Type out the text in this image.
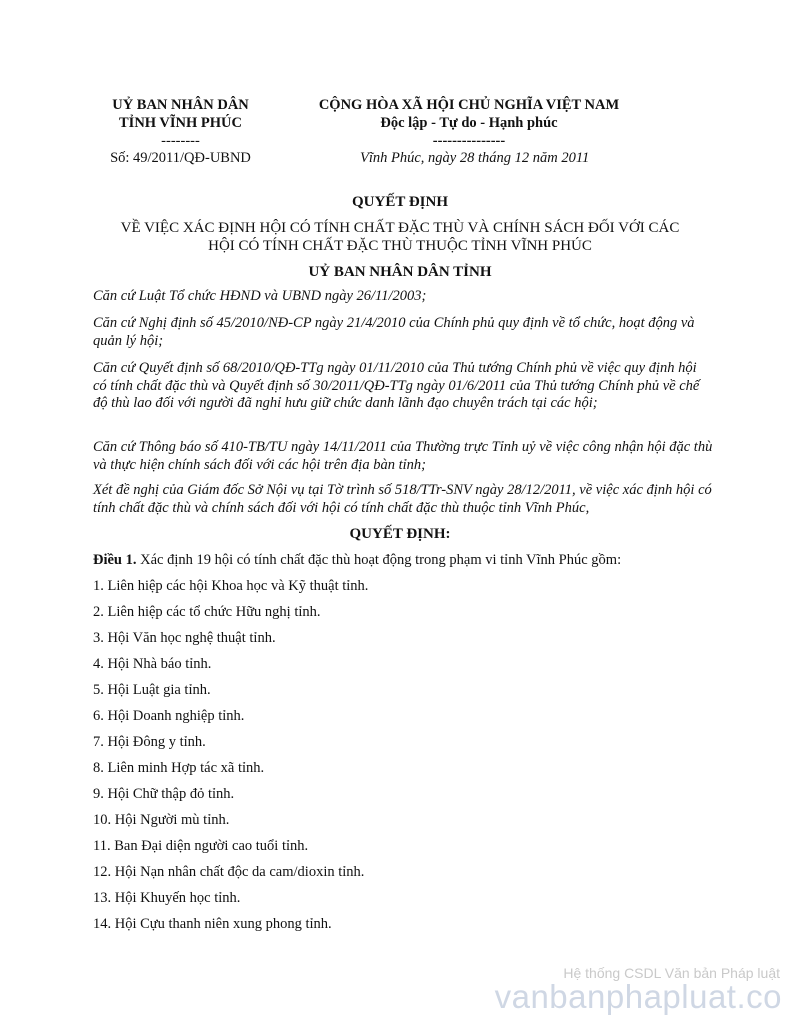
UỶ BAN NHÂN DÂN
TỈNH VĨNH PHÚC
--------
CỘNG HÒA XÃ HỘI CHỦ NGHĨA VIỆT NAM
Độc lập - Tự do - Hạnh phúc
---------------
Số: 49/2011/QĐ-UBND	Vĩnh Phúc, ngày 28 tháng 12 năm 2011
QUYẾT ĐỊNH
VỀ VIỆC XÁC ĐỊNH HỘI CÓ TÍNH CHẤT ĐẶC THÙ VÀ CHÍNH SÁCH ĐỐI VỚI CÁC
HỘI CÓ TÍNH CHẤT ĐẶC THÙ THUỘC TỈNH VĨNH PHÚC
UỶ BAN NHÂN DÂN TỈNH
Căn cứ Luật Tổ chức HĐND và UBND ngày 26/11/2003;
Căn cứ Nghị định số 45/2010/NĐ-CP ngày 21/4/2010 của Chính phủ quy định về tổ chức, hoạt động và quản lý hội;
Căn cứ Quyết định số 68/2010/QĐ-TTg ngày 01/11/2010 của Thủ tướng Chính phủ về việc quy định hội có tính chất đặc thù và Quyết định số 30/2011/QĐ-TTg ngày 01/6/2011 của Thủ tướng Chính phủ về chế độ thù lao đối với người đã nghỉ hưu giữ chức danh lãnh đạo chuyên trách tại các hội;
Căn cứ Thông báo số 410-TB/TU ngày 14/11/2011 của Thường trực Tỉnh uỷ về việc công nhận hội đặc thù và thực hiện chính sách đối với các hội trên địa bàn tỉnh;
Xét đề nghị của Giám đốc Sở Nội vụ tại Tờ trình số 518/TTr-SNV ngày 28/12/2011, về việc xác định hội có tính chất đặc thù và chính sách đối với hội có tính chất đặc thù thuộc tỉnh Vĩnh Phúc,
QUYẾT ĐỊNH:
Điều 1. Xác định 19 hội có tính chất đặc thù hoạt động trong phạm vi tỉnh Vĩnh Phúc gồm:
1. Liên hiệp các hội Khoa học và Kỹ thuật tỉnh.
2. Liên hiệp các tổ chức Hữu nghị tỉnh.
3. Hội Văn học nghệ thuật tỉnh.
4. Hội Nhà báo tỉnh.
5. Hội Luật gia tỉnh.
6. Hội Doanh nghiệp tỉnh.
7. Hội Đông y tỉnh.
8. Liên minh Hợp tác xã tỉnh.
9. Hội Chữ thập đỏ tỉnh.
10. Hội Người mù tỉnh.
11. Ban Đại diện người cao tuổi tỉnh.
12. Hội Nạn nhân chất độc da cam/dioxin tỉnh.
13. Hội Khuyến học tỉnh.
14. Hội Cựu thanh niên xung phong tỉnh.
Hệ thống CSDL Văn bản Pháp luật
vanbanphapluat.co
